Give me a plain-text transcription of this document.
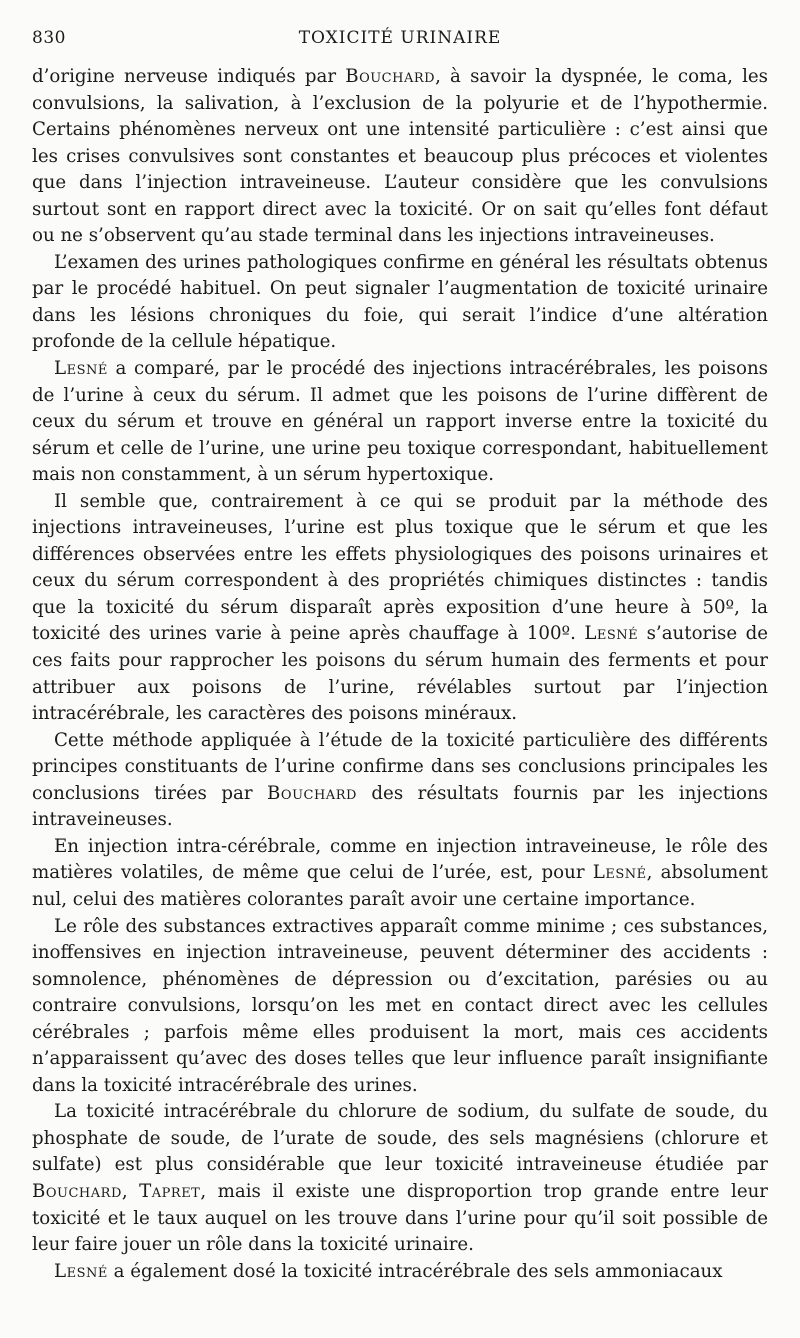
830	TOXICITÉ URINAIRE

d’origine nerveuse indiqués par Bouchard, à savoir la dyspnée, le coma, les convulsions, la salivation, à l’exclusion de la polyurie et de l’hypothermie. Certains phénomènes nerveux ont une intensité particulière : c’est ainsi que les crises convulsives sont constantes et beaucoup plus précoces et violentes que dans l’injection intraveineuse. L’auteur considère que les convulsions surtout sont en rapport direct avec la toxicité. Or on sait qu’elles font défaut ou ne s’observent qu’au stade terminal dans les injections intraveineuses.

L’examen des urines pathologiques confirme en général les résultats obtenus par le procédé habituel. On peut signaler l’augmentation de toxicité urinaire dans les lésions chroniques du foie, qui serait l’indice d’une altération profonde de la cellule hépatique.

Lesné a comparé, par le procédé des injections intracérébrales, les poisons de l’urine à ceux du sérum. Il admet que les poisons de l’urine diffèrent de ceux du sérum et trouve en général un rapport inverse entre la toxicité du sérum et celle de l’urine, une urine peu toxique correspondant, habituellement mais non constamment, à un sérum hypertoxique.

Il semble que, contrairement à ce qui se produit par la méthode des injections intraveineuses, l’urine est plus toxique que le sérum et que les différences observées entre les effets physiologiques des poisons urinaires et ceux du sérum correspondent à des propriétés chimiques distinctes : tandis que la toxicité du sérum disparaît après exposition d’une heure à 50º, la toxicité des urines varie à peine après chauffage à 100º. Lesné s’autorise de ces faits pour rapprocher les poisons du sérum humain des ferments et pour attribuer aux poisons de l’urine, révélables surtout par l’injection intracérébrale, les caractères des poisons minéraux.

Cette méthode appliquée à l’étude de la toxicité particulière des différents principes constituants de l’urine confirme dans ses conclusions principales les conclusions tirées par Bouchard des résultats fournis par les injections intraveineuses.

En injection intra-cérébrale, comme en injection intraveineuse, le rôle des matières volatiles, de même que celui de l’urée, est, pour Lesné, absolument nul, celui des matières colorantes paraît avoir une certaine importance.

Le rôle des substances extractives apparaît comme minime ; ces substances, inoffensives en injection intraveineuse, peuvent déterminer des accidents : somnolence, phénomènes de dépression ou d’excitation, parésies ou au contraire convulsions, lorsqu’on les met en contact direct avec les cellules cérébrales ; parfois même elles produisent la mort, mais ces accidents n’apparaissent qu’avec des doses telles que leur influence paraît insignifiante dans la toxicité intracérébrale des urines.

La toxicité intracérébrale du chlorure de sodium, du sulfate de soude, du phosphate de soude, de l’urate de soude, des sels magnésiens (chlorure et sulfate) est plus considérable que leur toxicité intraveineuse étudiée par Bouchard, Tapret, mais il existe une disproportion trop grande entre leur toxicité et le taux auquel on les trouve dans l’urine pour qu’il soit possible de leur faire jouer un rôle dans la toxicité urinaire.

Lesné a également dosé la toxicité intracérébrale des sels ammoniacaux
